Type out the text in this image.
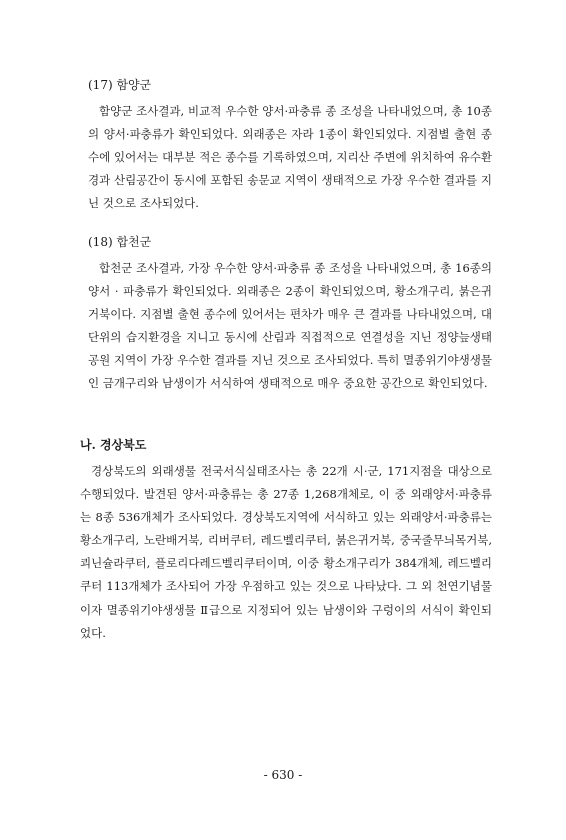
(17) 함양군
함양군 조사결과, 비교적 우수한 양서·파충류 종 조성을 나타내었으며, 총 10종의 양서·파충류가 확인되었다. 외래종은 자라 1종이 확인되었다. 지점별 출현 종수에 있어서는 대부분 적은 종수를 기록하였으며, 지리산 주변에 위치하여 유수환경과 산림공간이 동시에 포함된 송문교 지역이 생태적으로 가장 우수한 결과를 지닌 것으로 조사되었다.
(18) 합천군
합천군 조사결과, 가장 우수한 양서·파충류 종 조성을 나타내었으며, 총 16종의 양서 · 파충류가 확인되었다. 외래종은 2종이 확인되었으며, 황소개구리, 붉은귀거북이다. 지점별 출현 종수에 있어서는 편차가 매우 큰 결과를 나타내었으며, 대단위의 습지환경을 지니고 동시에 산림과 직접적으로 연결성을 지닌 정양늪생태공원 지역이 가장 우수한 결과를 지닌 것으로 조사되었다. 특히 멸종위기야생생물인 금개구리와 남생이가 서식하여 생태적으로 매우 중요한 공간으로 확인되었다.
나. 경상북도
경상북도의 외래생물 전국서식실태조사는 총 22개 시·군, 171지점을 대상으로 수행되었다. 발견된 양서·파충류는 총 27종 1,268개체로, 이 중 외래양서·파충류는 8종 536개체가 조사되었다. 경상북도지역에 서식하고 있는 외래양서·파충류는 황소개구리, 노란배거북, 리버쿠터, 레드벨리쿠터, 붉은귀거북, 중국줄무늬목거북, 쾨닌슐라쿠터, 플로리다레드벨리쿠터이며, 이중 황소개구리가 384개체, 레드벨리쿠터 113개체가 조사되어 가장 우점하고 있는 것으로 나타났다. 그 외 천연기념물이자 멸종위기야생생물 Ⅱ급으로 지정되어 있는 남생이와 구렁이의 서식이 확인되었다.
- 630 -
